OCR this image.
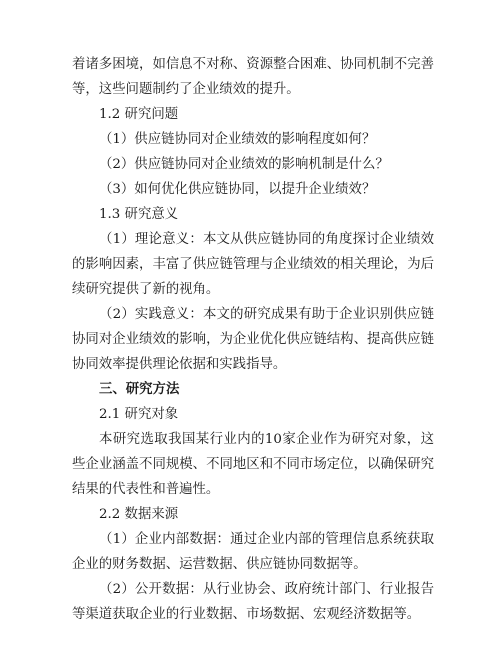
着诸多困境，如信息不对称、资源整合困难、协同机制不完善等，这些问题制约了企业绩效的提升。

1.2 研究问题

（1）供应链协同对企业绩效的影响程度如何？

（2）供应链协同对企业绩效的影响机制是什么？

（3）如何优化供应链协同，以提升企业绩效？

1.3 研究意义

（1）理论意义：本文从供应链协同的角度探讨企业绩效的影响因素，丰富了供应链管理与企业绩效的相关理论，为后续研究提供了新的视角。

（2）实践意义：本文的研究成果有助于企业识别供应链协同对企业绩效的影响，为企业优化供应链结构、提高供应链协同效率提供理论依据和实践指导。

三、研究方法

2.1 研究对象

本研究选取我国某行业内的10家企业作为研究对象，这些企业涵盖不同规模、不同地区和不同市场定位，以确保研究结果的代表性和普遍性。

2.2 数据来源

（1）企业内部数据：通过企业内部的管理信息系统获取企业的财务数据、运营数据、供应链协同数据等。

（2）公开数据：从行业协会、政府统计部门、行业报告等渠道获取企业的行业数据、市场数据、宏观经济数据等。
